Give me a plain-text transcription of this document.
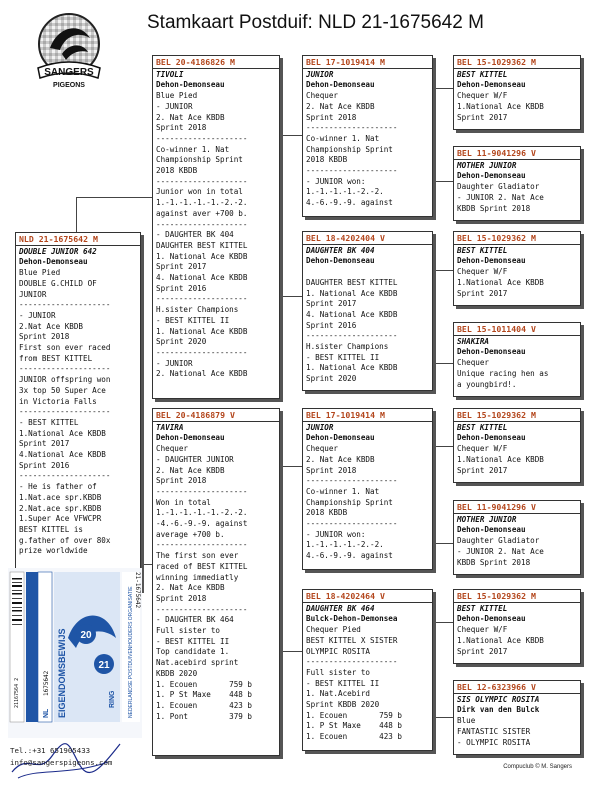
Stamkaart Postduif: NLD 21-1675642 M
SANGERS
PIGEONS
NLD 21-1675642 M
DOUBLE JUNIOR 642
Dehon-Demonseau
Blue Pied
DOUBLE G.CHILD OF
JUNIOR
--------------------
- JUNIOR
2.Nat Ace KBDB
Sprint 2018
First son ever raced
from BEST KITTEL
--------------------
JUNIOR offspring won
3x top 50 Super Ace
in Victoria Falls
--------------------
- BEST KITTEL
1.National Ace KBDB
Sprint 2017
4.National Ace KBDB
Sprint 2016
--------------------
- He is father of
1.Nat.ace spr.KBDB
2.Nat.ace spr.KBDB
1.Super Ace VFWCPR
BEST KITTEL is
g.father of over 80x
prize worldwide
BEL 20-4186826 M
TIVOLI
Dehon-Demonseau
Blue Pied
- JUNIOR
2. Nat Ace KBDB
Sprint 2018
--------------------
Co-winner 1. Nat
Championship Sprint
2018 KBDB
--------------------
Junior won in total
1.-1.-1.-1.-1.-2.-2.
against aver +700 b.
--------------------
- DAUGHTER BK 404
DAUGHTER BEST KITTEL
1. National Ace KBDB
Sprint 2017
4. National Ace KBDB
Sprint 2016
--------------------
H.sister Champions
- BEST KITTEL II
1. National Ace KBDB
Sprint 2020
--------------------
- JUNIOR
2. National Ace KBDB
BEL 20-4186879 V
TAVIRA
Dehon-Demonseau
Chequer
- DAUGHTER JUNIOR
2. Nat Ace KBDB
Sprint 2018
--------------------
Won in total
1.-1.-1.-1.-1.-2.-2.
-4.-6.-9.-9. against
average +700 b.
--------------------
The first son ever
raced of BEST KITTEL
winning immediatly
2. Nat Ace KBDB
Sprint 2018
--------------------
- DAUGHTER BK 464
Full sister to
- BEST KITTEL II
Top candidate 1.
Nat.acebird sprint
KBDB 2020
1. Ecouen       759 b
1. P St Maxe    448 b
1. Ecouen       423 b
1. Pont         379 b
BEL 17-1019414 M
JUNIOR
Dehon-Demonseau
Chequer
2. Nat Ace KBDB
Sprint 2018
--------------------
Co-winner 1. Nat
Championship Sprint
2018 KBDB
--------------------
- JUNIOR won:
1.-1.-1.-1.-2.-2.
4.-6.-9.-9. against
BEL 18-4202404 V
DAUGHTER BK 404
Dehon-Demonseau

DAUGHTER BEST KITTEL
1. National Ace KBDB
Sprint 2017
4. National Ace KBDB
Sprint 2016
--------------------
H.sister Champions
- BEST KITTEL II
1. National Ace KBDB
Sprint 2020
BEL 17-1019414 M
JUNIOR
Dehon-Demonseau
Chequer
2. Nat Ace KBDB
Sprint 2018
--------------------
Co-winner 1. Nat
Championship Sprint
2018 KBDB
--------------------
- JUNIOR won:
1.-1.-1.-1.-2.-2.
4.-6.-9.-9. against
BEL 18-4202464 V
DAUGHTER BK 464
Bulck-Dehon-Demonsea
Chequer Pied
BEST KITTEL X SISTER
OLYMPIC ROSITA
--------------------
Full sister to
- BEST KITTEL II
1. Nat.Acebird
Sprint KBDB 2020
1. Ecouen       759 b
1. P St Maxe    448 b
1. Ecouen       423 b
BEL 15-1029362 M
BEST KITTEL
Dehon-Demonseau
Chequer W/F
1.National Ace KBDB
Sprint 2017
BEL 11-9041296 V
MOTHER JUNIOR
Dehon-Demonseau
Daughter Gladiator
- JUNIOR 2. Nat Ace
KBDB Sprint 2018
BEL 15-1029362 M
BEST KITTEL
Dehon-Demonseau
Chequer W/F
1.National Ace KBDB
Sprint 2017
BEL 15-1011404 V
SHAKIRA
Dehon-Demonseau
Chequer
Unique racing hen as
a youngbird!.
BEL 15-1029362 M
BEST KITTEL
Dehon-Demonseau
Chequer W/F
1.National Ace KBDB
Sprint 2017
BEL 11-9041296 V
MOTHER JUNIOR
Dehon-Demonseau
Daughter Gladiator
- JUNIOR 2. Nat Ace
KBDB Sprint 2018
BEL 15-1029362 M
BEST KITTEL
Dehon-Demonseau
Chequer W/F
1.National Ace KBDB
Sprint 2017
BEL 12-6323966 V
SIS OLYMPIC ROSITA
Dirk van den Bulck
Blue
FANTASTIC SISTER
- OLYMPIC ROSITA
21167564 2
NL
1675642
20
21
EIGENDOMSBEWIJS	RING NEDERLANDSE POSTDUIVENHOUDERS ORGANISATIE 21-1675642
Tel.:+31 651905433
info@sangerspigeons.com	Compuclub © M. Sangers
